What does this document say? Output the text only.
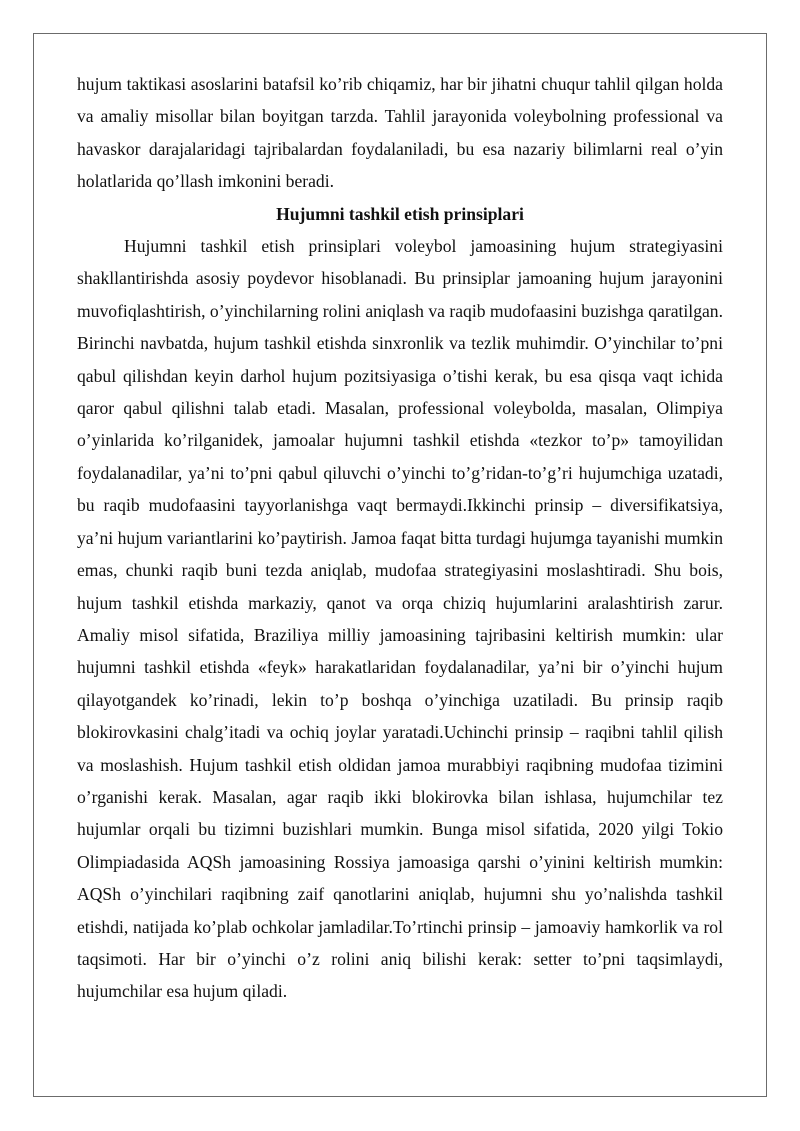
hujum taktikasi asoslarini batafsil ko’rib chiqamiz, har bir jihatni chuqur tahlil qilgan holda va amaliy misollar bilan boyitgan tarzda. Tahlil jarayonida voleybolning professional va havaskor darajalaridagi tajribalardan foydalaniladi, bu esa nazariy bilimlarni real o’yin holatlarida qo’llash imkonini beradi.

Hujumni tashkil etish prinsiplari

Hujumni tashkil etish prinsiplari voleybol jamoasining hujum strategiyasini shakllantirishda asosiy poydevor hisoblanadi. Bu prinsiplar jamoaning hujum jarayonini muvofiqlashtirish, o’yinchilarning rolini aniqlash va raqib mudofaasini buzishga qaratilgan. Birinchi navbatda, hujum tashkil etishda sinxronlik va tezlik muhimdir. O’yinchilar to’pni qabul qilishdan keyin darhol hujum pozitsiyasiga o’tishi kerak, bu esa qisqa vaqt ichida qaror qabul qilishni talab etadi. Masalan, professional voleybolda, masalan, Olimpiya o’yinlarida ko’rilganidek, jamoalar hujumni tashkil etishda «tezkor to’p» tamoyilidan foydalanadilar, ya’ni to’pni qabul qiluvchi o’yinchi to’g’ridan-to’g’ri hujumchiga uzatadi, bu raqib mudofaasini tayyorlanishga vaqt bermaydi.Ikkinchi prinsip – diversifikatsiya, ya’ni hujum variantlarini ko’paytirish. Jamoa faqat bitta turdagi hujumga tayanishi mumkin emas, chunki raqib buni tezda aniqlab, mudofaa strategiyasini moslashtiradi. Shu bois, hujum tashkil etishda markaziy, qanot va orqa chiziq hujumlarini aralashtirish zarur. Amaliy misol sifatida, Braziliya milliy jamoasining tajribasini keltirish mumkin: ular hujumni tashkil etishda «feyk» harakatlaridan foydalanadilar, ya’ni bir o’yinchi hujum qilayotgandek ko’rinadi, lekin to’p boshqa o’yinchiga uzatiladi. Bu prinsip raqib blokirovkasini chalg’itadi va ochiq joylar yaratadi.Uchinchi prinsip – raqibni tahlil qilish va moslashish. Hujum tashkil etish oldidan jamoa murabbiyi raqibning mudofaa tizimini o’rganishi kerak. Masalan, agar raqib ikki blokirovka bilan ishlasa, hujumchilar tez hujumlar orqali bu tizimni buzishlari mumkin. Bunga misol sifatida, 2020 yilgi Tokio Olimpiadasida AQSh jamoasining Rossiya jamoasiga qarshi o’yinini keltirish mumkin: AQSh o’yinchilari raqibning zaif qanotlarini aniqlab, hujumni shu yo’nalishda tashkil etishdi, natijada ko’plab ochkolar jamladilar.To’rtinchi prinsip – jamoaviy hamkorlik va rol taqsimoti. Har bir o’yinchi o’z rolini aniq bilishi kerak: setter to’pni taqsimlaydi, hujumchilar esa hujum qiladi.
